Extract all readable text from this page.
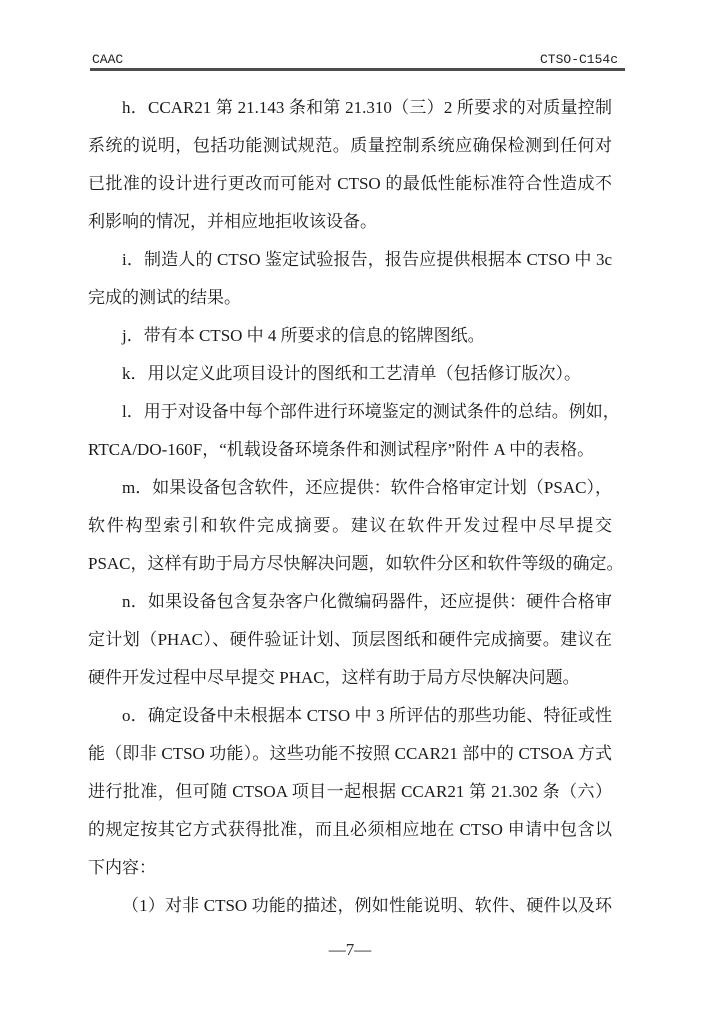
CAAC	CTSO-C154c
h．CCAR21 第 21.143 条和第 21.310（三）2 所要求的对质量控制
系统的说明，包括功能测试规范。质量控制系统应确保检测到任何对
已批准的设计进行更改而可能对 CTSO 的最低性能标准符合性造成不
利影响的情况，并相应地拒收该设备。
i．制造人的 CTSO 鉴定试验报告，报告应提供根据本 CTSO 中 3c
完成的测试的结果。
j．带有本 CTSO 中 4 所要求的信息的铭牌图纸。
k．用以定义此项目设计的图纸和工艺清单（包括修订版次）。
l．用于对设备中每个部件进行环境鉴定的测试条件的总结。例如，
RTCA/DO-160F，“机载设备环境条件和测试程序”附件 A 中的表格。
m．如果设备包含软件，还应提供：软件合格审定计划（PSAC），
软件构型索引和软件完成摘要。建议在软件开发过程中尽早提交
PSAC，这样有助于局方尽快解决问题，如软件分区和软件等级的确定。
n．如果设备包含复杂客户化微编码器件，还应提供：硬件合格审
定计划（PHAC）、硬件验证计划、顶层图纸和硬件完成摘要。建议在
硬件开发过程中尽早提交 PHAC，这样有助于局方尽快解决问题。
o．确定设备中未根据本 CTSO 中 3 所评估的那些功能、特征或性
能（即非 CTSO 功能）。这些功能不按照 CCAR21 部中的 CTSOA 方式
进行批准，但可随 CTSOA 项目一起根据 CCAR21 第 21.302 条（六）
的规定按其它方式获得批准，而且必须相应地在 CTSO 申请中包含以
下内容：
（1）对非 CTSO 功能的描述，例如性能说明、软件、硬件以及环
—7—
